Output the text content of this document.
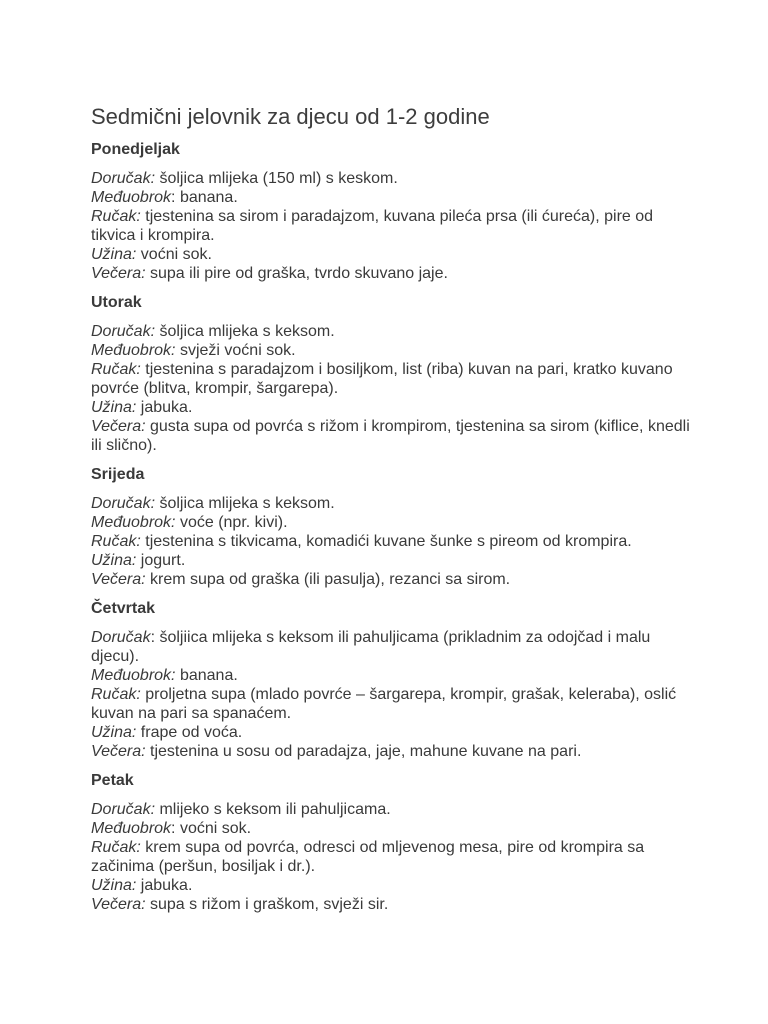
Sedmični jelovnik za djecu od 1-2 godine
Ponedjeljak
Doručak: šoljica mlijeka (150 ml) s keskom.
Međuobrok: banana.
Ručak: tjestenina sa sirom i paradajzom, kuvana pileća prsa (ili ćureća), pire od tikvica i krompira.
Užina: voćni sok.
Večera: supa ili pire od graška, tvrdo skuvano jaje.
Utorak
Doručak: šoljica mlijeka s keksom.
Međuobrok: svježi voćni sok.
Ručak: tjestenina s paradajzom i bosiljkom, list (riba) kuvan na pari, kratko kuvano povrće (blitva, krompir, šargarepa).
Užina: jabuka.
Večera: gusta supa od povrća s rižom i krompirom, tjestenina sa sirom (kiflice, knedli ili slično).
Srijeda
Doručak: šoljica mlijeka s keksom.
Međuobrok: voće (npr. kivi).
Ručak: tjestenina s tikvicama, komadići kuvane šunke s pireom od krompira.
Užina: jogurt.
Večera: krem supa od graška (ili pasulja), rezanci sa sirom.
Četvrtak
Doručak: šoljiica mlijeka s keksom ili pahuljicama (prikladnim za odojčad i malu djecu).
Međuobrok: banana.
Ručak: proljetna supa (mlado povrće – šargarepa, krompir, grašak, keleraba), oslić kuvan na pari sa spanaćem.
Užina: frape od voća.
Večera: tjestenina u sosu od paradajza, jaje, mahune kuvane na pari.
Petak
Doručak: mlijeko s keksom ili pahuljicama.
Međuobrok: voćni sok.
Ručak: krem supa od povrća, odresci od mljevenog mesa, pire od krompira sa začinima (peršun, bosiljak i dr.).
Užina: jabuka.
Večera: supa s rižom i graškom, svježi sir.
